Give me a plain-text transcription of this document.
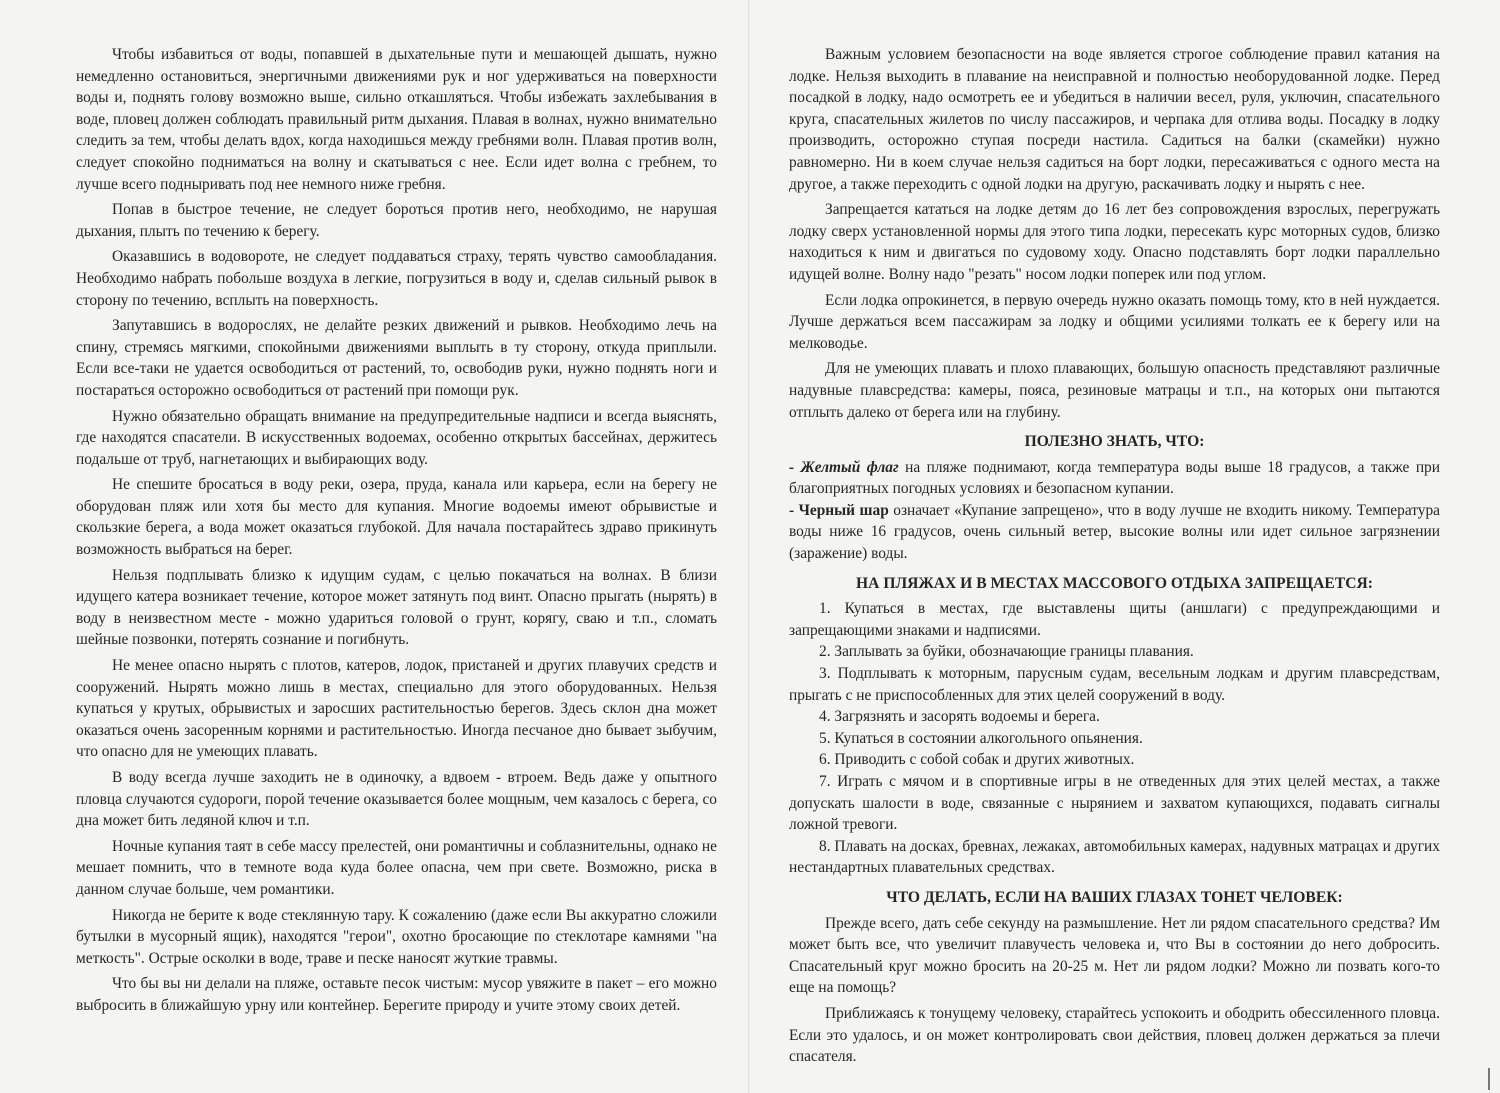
Чтобы избавиться от воды, попавшей в дыхательные пути и мешающей дышать, нужно немедленно остановиться, энергичными движениями рук и ног удерживаться на поверхности воды и, поднять голову возможно выше, сильно откашляться. Чтобы избежать захлебывания в воде, пловец должен соблюдать правильный ритм дыхания. Плавая в волнах, нужно внимательно следить за тем, чтобы делать вдох, когда находишься между гребнями волн. Плавая против волн, следует спокойно подниматься на волну и скатываться с нее. Если идет волна с гребнем, то лучше всего подныривать под нее немного ниже гребня.

Попав в быстрое течение, не следует бороться против него, необходимо, не нарушая дыхания, плыть по течению к берегу.

Оказавшись в водовороте, не следует поддаваться страху, терять чувство самообладания. Необходимо набрать побольше воздуха в легкие, погрузиться в воду и, сделав сильный рывок в сторону по течению, всплыть на поверхность.

Запутавшись в водорослях, не делайте резких движений и рывков. Необходимо лечь на спину, стремясь мягкими, спокойными движениями выплыть в ту сторону, откуда приплыли. Если все-таки не удается освободиться от растений, то, освободив руки, нужно поднять ноги и постараться осторожно освободиться от растений при помощи рук.

Нужно обязательно обращать внимание на предупредительные надписи и всегда выяснять, где находятся спасатели. В искусственных водоемах, особенно открытых бассейнах, держитесь подальше от труб, нагнетающих и выбирающих воду.

Не спешите бросаться в воду реки, озера, пруда, канала или карьера, если на берегу не оборудован пляж или хотя бы место для купания. Многие водоемы имеют обрывистые и скользкие берега, а вода может оказаться глубокой. Для начала постарайтесь здраво прикинуть возможность выбраться на берег.

Нельзя подплывать близко к идущим судам, с целью покачаться на волнах. В близи идущего катера возникает течение, которое может затянуть под винт. Опасно прыгать (нырять) в воду в неизвестном месте - можно удариться головой о грунт, корягу, сваю и т.п., сломать шейные позвонки, потерять сознание и погибнуть.

Не менее опасно нырять с плотов, катеров, лодок, пристаней и других плавучих средств и сооружений. Нырять можно лишь в местах, специально для этого оборудованных. Нельзя купаться у крутых, обрывистых и заросших растительностью берегов. Здесь склон дна может оказаться очень засоренным корнями и растительностью. Иногда песчаное дно бывает зыбучим, что опасно для не умеющих плавать.

В воду всегда лучше заходить не в одиночку, а вдвоем - втроем. Ведь даже у опытного пловца случаются судороги, порой течение оказывается более мощным, чем казалось с берега, со дна может бить ледяной ключ и т.п.

Ночные купания таят в себе массу прелестей, они романтичны и соблазнительны, однако не мешает помнить, что в темноте вода куда более опасна, чем при свете. Возможно, риска в данном случае больше, чем романтики.

Никогда не берите к воде стеклянную тару. К сожалению (даже если Вы аккуратно сложили бутылки в мусорный ящик), находятся "герои", охотно бросающие по стеклотаре камнями "на меткость". Острые осколки в воде, траве и песке наносят жуткие травмы.

Что бы вы ни делали на пляже, оставьте песок чистым: мусор увяжите в пакет – его можно выбросить в ближайшую урну или контейнер. Берегите природу и учите этому своих детей.

Важным условием безопасности на воде является строгое соблюдение правил катания на лодке. Нельзя выходить в плавание на неисправной и полностью необорудованной лодке. Перед посадкой в лодку, надо осмотреть ее и убедиться в наличии весел, руля, уключин, спасательного круга, спасательных жилетов по числу пассажиров, и черпака для отлива воды. Посадку в лодку производить, осторожно ступая посреди настила. Садиться на балки (скамейки) нужно равномерно. Ни в коем случае нельзя садиться на борт лодки, пересаживаться с одного места на другое, а также переходить с одной лодки на другую, раскачивать лодку и нырять с нее.

Запрещается кататься на лодке детям до 16 лет без сопровождения взрослых, перегружать лодку сверх установленной нормы для этого типа лодки, пересекать курс моторных судов, близко находиться к ним и двигаться по судовому ходу. Опасно подставлять борт лодки параллельно идущей волне. Волну надо "резать" носом лодки поперек или под углом.

Если лодка опрокинется, в первую очередь нужно оказать помощь тому, кто в ней нуждается. Лучше держаться всем пассажирам за лодку и общими усилиями толкать ее к берегу или на мелководье.

Для не умеющих плавать и плохо плавающих, большую опасность представляют различные надувные плавсредства: камеры, пояса, резиновые матрацы и т.п., на которых они пытаются отплыть далеко от берега или на глубину.

ПОЛЕЗНО ЗНАТЬ, ЧТО:

- Желтый флаг на пляже поднимают, когда температура воды выше 18 градусов, а также при благоприятных погодных условиях и безопасном купании.

- Черный шар означает «Купание запрещено», что в воду лучше не входить никому. Температура воды ниже 16 градусов, очень сильный ветер, высокие волны или идет сильное загрязнении (заражение) воды.

НА ПЛЯЖАХ И В МЕСТАХ МАССОВОГО ОТДЫХА ЗАПРЕЩАЕТСЯ:

1. Купаться в местах, где выставлены щиты (аншлаги) с предупреждающими и запрещающими знаками и надписями.

2. Заплывать за буйки, обозначающие границы плавания.

3. Подплывать к моторным, парусным судам, весельным лодкам и другим плавсредствам, прыгать с не приспособленных для этих целей сооружений в воду.

4. Загрязнять и засорять водоемы и берега.

5. Купаться в состоянии алкогольного опьянения.

6. Приводить с собой собак и других животных.

7. Играть с мячом и в спортивные игры в не отведенных для этих целей местах, а также допускать шалости в воде, связанные с нырянием и захватом купающихся, подавать сигналы ложной тревоги.

8. Плавать на досках, бревнах, лежаках, автомобильных камерах, надувных матрацах и других нестандартных плавательных средствах.

ЧТО ДЕЛАТЬ, ЕСЛИ НА ВАШИХ ГЛАЗАХ ТОНЕТ ЧЕЛОВЕК:

Прежде всего, дать себе секунду на размышление. Нет ли рядом спасательного средства? Им может быть все, что увеличит плавучесть человека и, что Вы в состоянии до него добросить. Спасательный круг можно бросить на 20-25 м. Нет ли рядом лодки? Можно ли позвать кого-то еще на помощь?

Приближаясь к тонущему человеку, старайтесь успокоить и ободрить обессиленного пловца. Если это удалось, и он может контролировать свои действия, пловец должен держаться за плечи спасателя.
